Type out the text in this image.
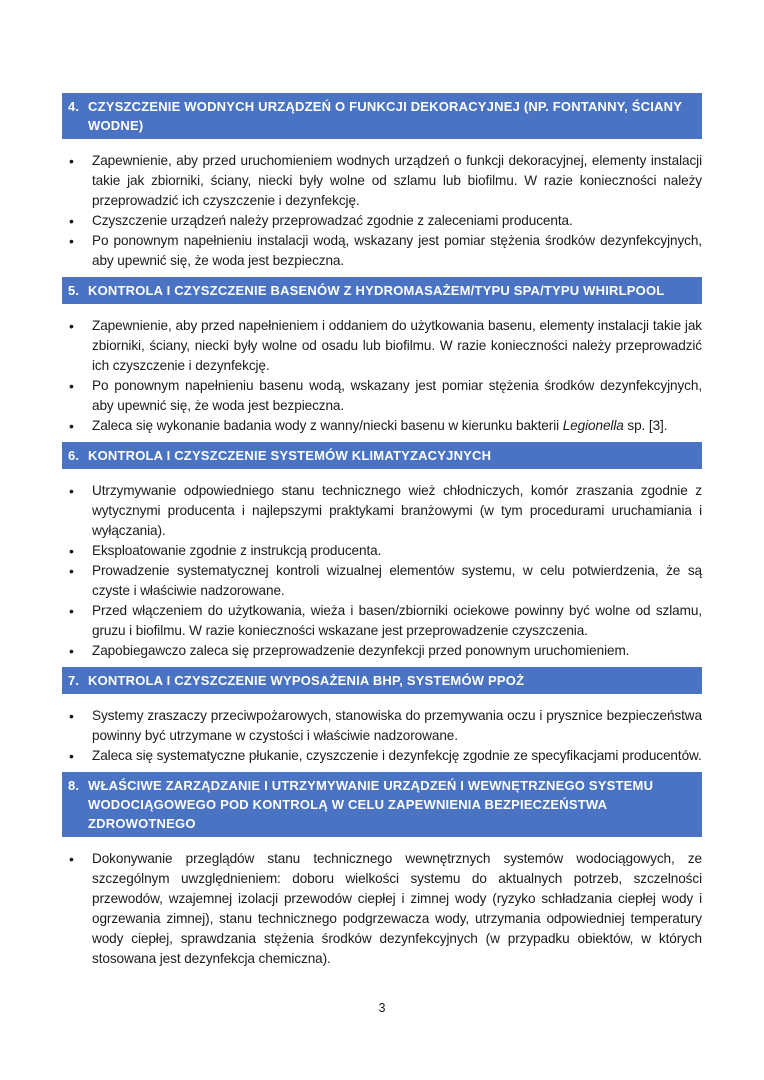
4. CZYSZCZENIE WODNYCH URZĄDZEŃ O FUNKCJI DEKORACYJNEJ (NP. FONTANNY, ŚCIANY
WODNE)
• Zapewnienie, aby przed uruchomieniem wodnych urządzeń o funkcji dekoracyjnej, elementy instalacji takie jak zbiorniki, ściany, niecki były wolne od szlamu lub biofilmu. W razie konieczności należy przeprowadzić ich czyszczenie i dezynfekcję.
• Czyszczenie urządzeń należy przeprowadzać zgodnie z zaleceniami producenta.
• Po ponownym napełnieniu instalacji wodą, wskazany jest pomiar stężenia środków dezynfekcyjnych, aby upewnić się, że woda jest bezpieczna.
5. KONTROLA I CZYSZCZENIE BASENÓW Z HYDROMASAŻEM/TYPU SPA/TYPU WHIRLPOOL
• Zapewnienie, aby przed napełnieniem i oddaniem do użytkowania basenu, elementy instalacji takie jak zbiorniki, ściany, niecki były wolne od osadu lub biofilmu. W razie konieczności należy przeprowadzić ich czyszczenie i dezynfekcję.
• Po ponownym napełnieniu basenu wodą, wskazany jest pomiar stężenia środków dezynfekcyjnych, aby upewnić się, że woda jest bezpieczna.
• Zaleca się wykonanie badania wody z wanny/niecki basenu w kierunku bakterii Legionella sp. [3].
6. KONTROLA I CZYSZCZENIE SYSTEMÓW KLIMATYZACYJNYCH
• Utrzymywanie odpowiedniego stanu technicznego wież chłodniczych, komór zraszania zgodnie z wytycznymi producenta i najlepszymi praktykami branżowymi (w tym procedurami uruchamiania i wyłączania).
• Eksploatowanie zgodnie z instrukcją producenta.
• Prowadzenie systematycznej kontroli wizualnej elementów systemu, w celu potwierdzenia, że są czyste i właściwie nadzorowane.
• Przed włączeniem do użytkowania, wieża i basen/zbiorniki ociekowe powinny być wolne od szlamu, gruzu i biofilmu. W razie konieczności wskazane jest przeprowadzenie czyszczenia.
• Zapobiegawczo zaleca się przeprowadzenie dezynfekcji przed ponownym uruchomieniem.
7. KONTROLA I CZYSZCZENIE WYPOSAŻENIA BHP, SYSTEMÓW PPOŻ
• Systemy zraszaczy przeciwpożarowych, stanowiska do przemywania oczu i prysznice bezpieczeństwa powinny być utrzymane w czystości i właściwie nadzorowane.
• Zaleca się systematyczne płukanie, czyszczenie i dezynfekcję zgodnie ze specyfikacjami producentów.
8. WŁAŚCIWE ZARZĄDZANIE I UTRZYMYWANIE URZĄDZEŃ I WEWNĘTRZNEGO SYSTEMU
WODOCIĄGOWEGO POD KONTROLĄ W CELU ZAPEWNIENIA BEZPIECZEŃSTWA
ZDROWOTNEGO
• Dokonywanie przeglądów stanu technicznego wewnętrznych systemów wodociągowych, ze szczególnym uwzględnieniem: doboru wielkości systemu do aktualnych potrzeb, szczelności przewodów, wzajemnej izolacji przewodów ciepłej i zimnej wody (ryzyko schładzania ciepłej wody i ogrzewania zimnej), stanu technicznego podgrzewacza wody, utrzymania odpowiedniej temperatury wody ciepłej, sprawdzania stężenia środków dezynfekcyjnych (w przypadku obiektów, w których stosowana jest dezynfekcja chemiczna).
3
